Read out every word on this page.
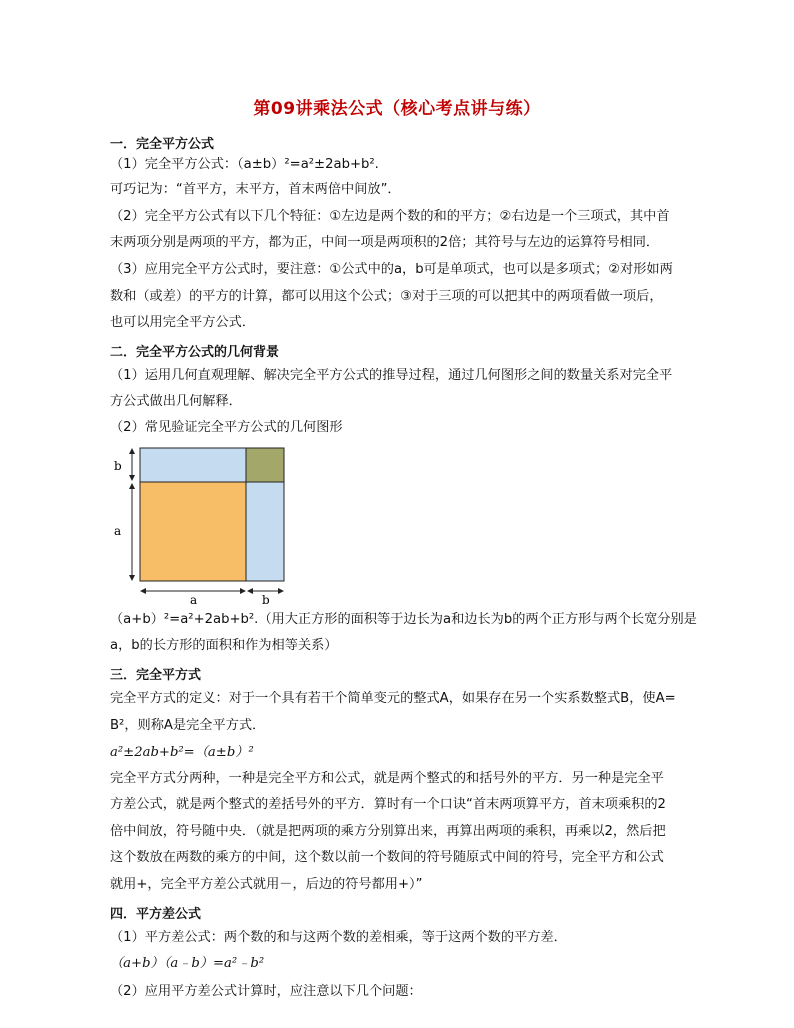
第09讲乘法公式（核心考点讲与练）
一．完全平方公式
（1）完全平方公式：（a±b）²=a²±2ab+b².
可巧记为：“首平方，末平方，首末两倍中间放”．
（2）完全平方公式有以下几个特征：①左边是两个数的和的平方；②右边是一个三项式，其中首
末两项分别是两项的平方，都为正，中间一项是两项积的2倍；其符号与左边的运算符号相同．
（3）应用完全平方公式时，要注意：①公式中的a，b可是单项式，也可以是多项式；②对形如两
数和（或差）的平方的计算，都可以用这个公式；③对于三项的可以把其中的两项看做一项后，
也可以用完全平方公式．
二．完全平方公式的几何背景
（1）运用几何直观理解、解决完全平方公式的推导过程，通过几何图形之间的数量关系对完全平
方公式做出几何解释．
（2）常见验证完全平方公式的几何图形
b
a
a	b
（a+b）²=a²+2ab+b².（用大正方形的面积等于边长为a和边长为b的两个正方形与两个长宽分别是
a，b的长方形的面积和作为相等关系）
三．完全平方式
完全平方式的定义：对于一个具有若干个简单变元的整式A，如果存在另一个实系数整式B，使A=
B²，则称A是完全平方式．
a²±2ab+b²=（a±b）²
完全平方式分两种，一种是完全平方和公式，就是两个整式的和括号外的平方．另一种是完全平
方差公式，就是两个整式的差括号外的平方．算时有一个口诀“首末两项算平方，首末项乘积的2
倍中间放，符号随中央．（就是把两项的乘方分别算出来，再算出两项的乘积，再乘以2，然后把
这个数放在两数的乘方的中间，这个数以前一个数间的符号随原式中间的符号，完全平方和公式
就用+，完全平方差公式就用－，后边的符号都用+）”
四．平方差公式
（1）平方差公式：两个数的和与这两个数的差相乘，等于这两个数的平方差．
（a+b）（a﹣b）=a²﹣b²
（2）应用平方差公式计算时，应注意以下几个问题：
